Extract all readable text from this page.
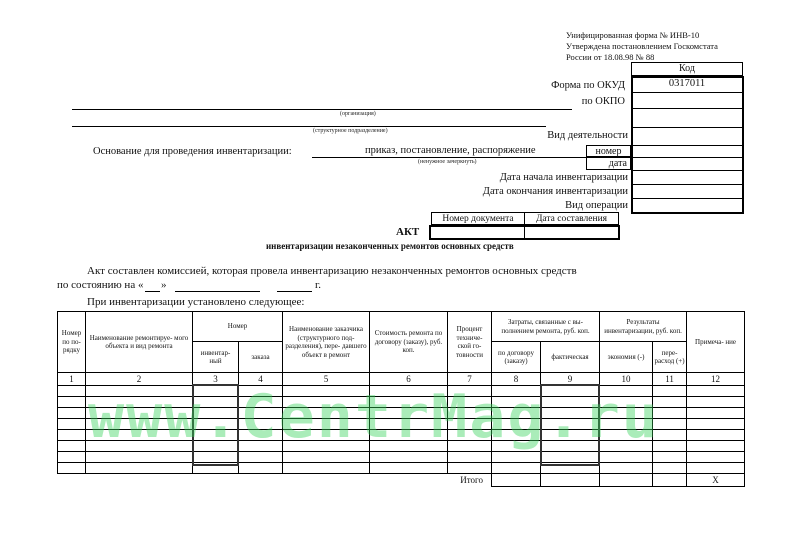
Унифицированная форма № ИНВ-10
Утверждена постановлением Госкомстата
России от 18.08.98 № 88
Код
0317011
Форма по ОКУД
по ОКПО
Вид деятельности
номер
дата
Дата начала инвентаризации
Дата окончания инвентаризации
Вид операции
(организация)
(структурное подразделение)
Основание для проведения инвентаризации:	приказ, постановление, распоряжение
(ненужное зачеркнуть)
Номер документа	Дата составления
АКТ
инвентаризации незаконченных ремонтов основных средств
Акт составлен комиссией, которая провела инвентаризацию незаконченных ремонтов основных средств
по состоянию на « »	г.
При инвентаризации установлено следующее:
Номер по по- рядку	Наименование ремонтируе- мого объекта и вид ремонта	Номер		Наименование заказчика (структурного под- разделения), пере- давшего объект в ремонт	Стоимость ремонта по договору (заказу), руб. коп.	Процент техниче- ской го- товности	Затраты, связанные с вы- полнением ремонта, руб. коп.		Результаты инвентаризации, руб. коп.		Примеча- ние
		инвентар- ный	заказа				по договору (заказу)	фактическая	экономия (-)	пере- расход (+)	
1	2	3	4	5	6	7	8	9	10	11	12

Итого											X
www.CentrMag.ru
